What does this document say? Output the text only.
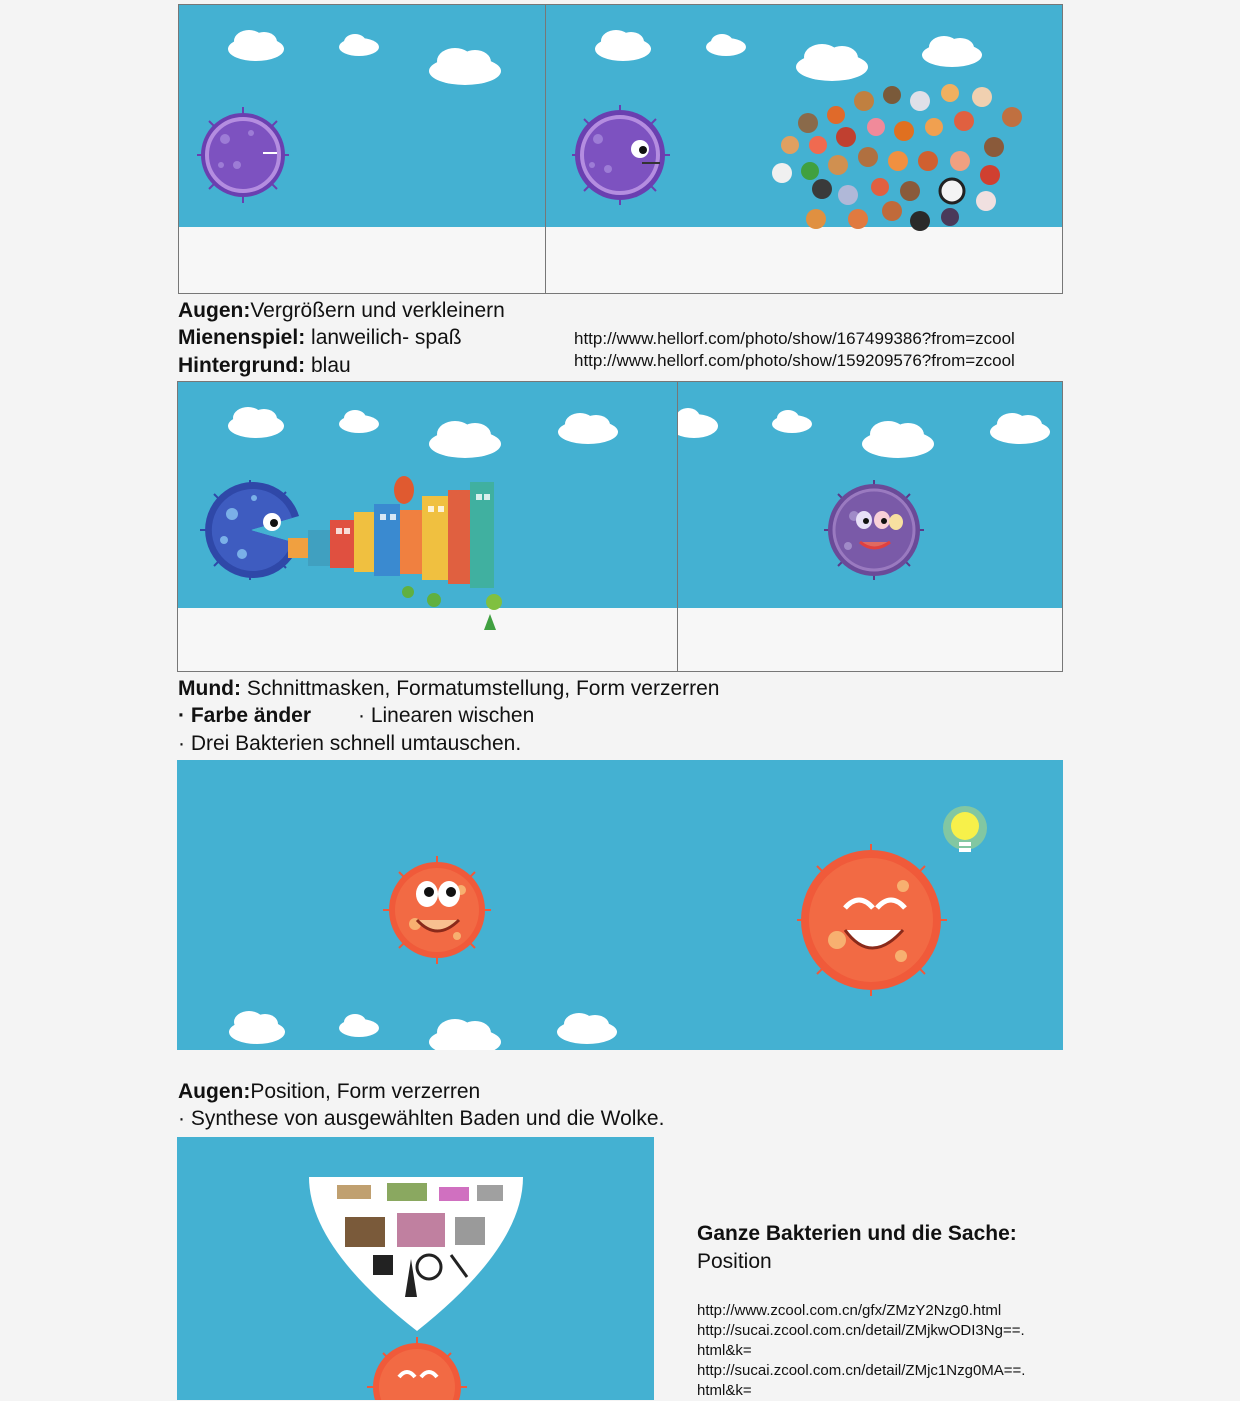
Augen:Vergrößern und verkleinern
Mienenspiel: lanweilich- spaß
Hintergrund: blau
http://www.hellorf.com/photo/show/167499386?from=zcool
http://www.hellorf.com/photo/show/159209576?from=zcool
Mund: Schnittmasken, Formatumstellung, Form verzerren
· Farbe änder · Linearen wischen
· Drei Bakterien schnell umtauschen.
Augen:Position, Form verzerren
· Synthese von ausgewählten Baden und die Wolke.
Ganze Bakterien und die Sache:
Position
http://www.zcool.com.cn/gfx/ZMzY2Nzg0.html
http://sucai.zcool.com.cn/detail/ZMjkwODI3Ng==.
html&k=
http://sucai.zcool.com.cn/detail/ZMjc1Nzg0MA==.
html&k=
